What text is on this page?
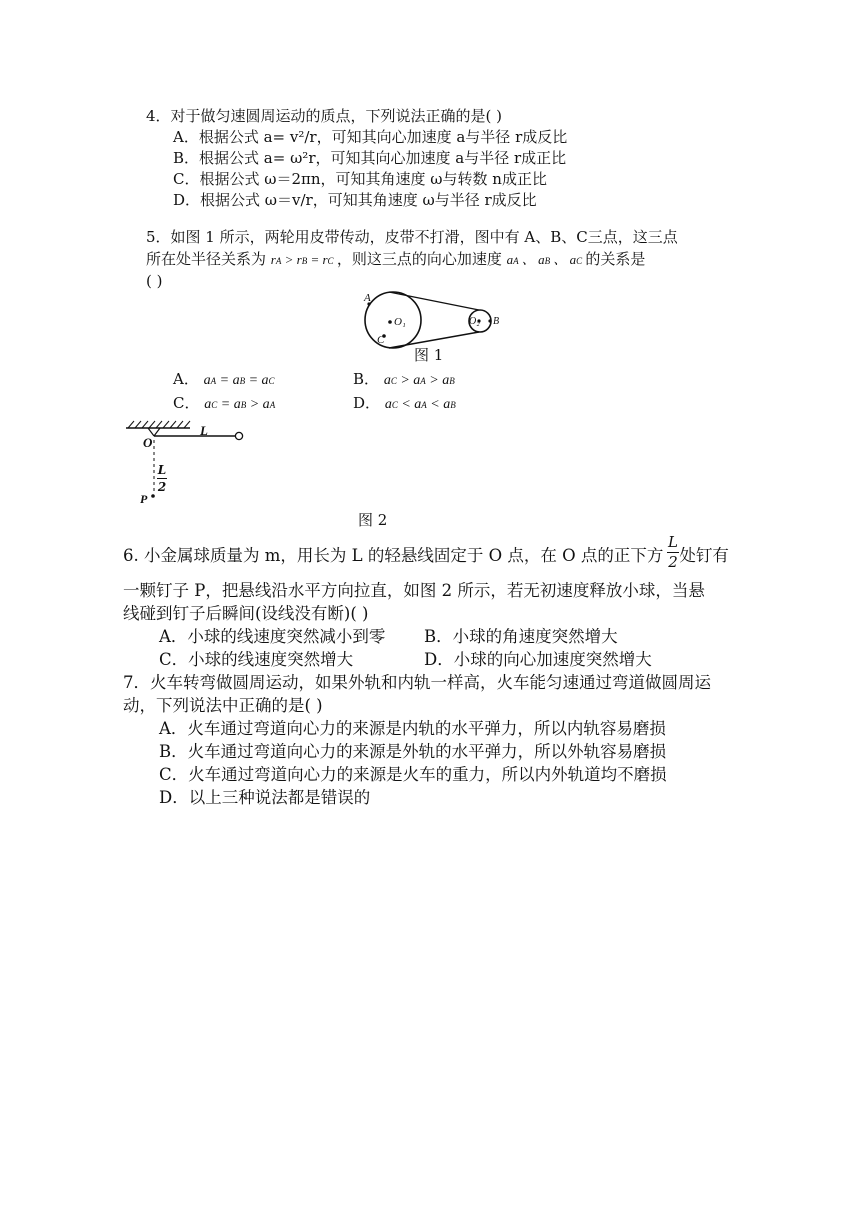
4．对于做匀速圆周运动的质点，下列说法正确的是( )
A．根据公式 a= v²/r，可知其向心加速度 a与半径 r成反比
B．根据公式 a= ω²r，可知其向心加速度 a与半径 r成正比
C．根据公式 ω＝2πn，可知其角速度 ω与转数 n成正比
D．根据公式 ω＝v/r，可知其角速度 ω与半径 r成反比
5．如图 1 所示，两轮用皮带传动，皮带不打滑，图中有 A、B、C三点，这三点
所在处半径关系为 rA > rB = rC ，则这三点的向心加速度 aA 、 aB 、 aC 的关系是
( )
A
O₁
C
O₂ B
图 1
A． aA = aB = aC	B． aC > aA > aB
C． aC = aB > aA	D． aC < aA < aB
O
L
L
2
P
图 2
6. 小金属球质量为 m，用长为 L 的轻悬线固定于 O 点，在 O 点的正下方 处钉有
L
2
一颗钉子 P，把悬线沿水平方向拉直，如图 2 所示，若无初速度释放小球，当悬
线碰到钉子后瞬间(设线没有断)( )
A．小球的线速度突然减小到零 B．小球的角速度突然增大
C．小球的线速度突然增大	D．小球的向心加速度突然增大
7．火车转弯做圆周运动，如果外轨和内轨一样高，火车能匀速通过弯道做圆周运
动，下列说法中正确的是( )
A．火车通过弯道向心力的来源是内轨的水平弹力，所以内轨容易磨损
B．火车通过弯道向心力的来源是外轨的水平弹力，所以外轨容易磨损
C．火车通过弯道向心力的来源是火车的重力，所以内外轨道均不磨损
D．以上三种说法都是错误的
